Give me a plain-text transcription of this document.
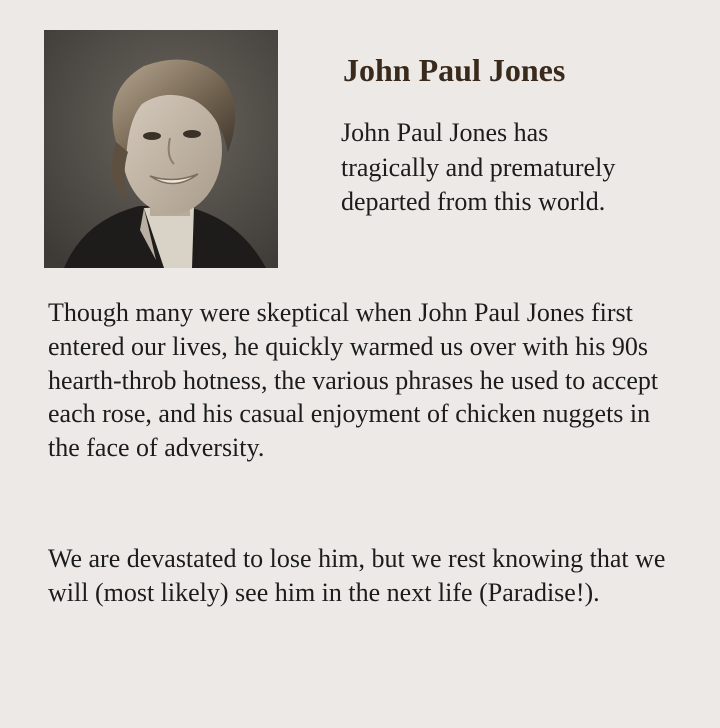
John Paul Jones

John Paul Jones has tragically and prematurely departed from this world.

Though many were skeptical when John Paul Jones first entered our lives, he quickly warmed us over with his 90s hearth-throb hotness, the various phrases he used to accept each rose, and his casual enjoyment of chicken nuggets in the face of adversity.

We are devastated to lose him, but we rest knowing that we will (most likely) see him in the next life (Paradise!).
